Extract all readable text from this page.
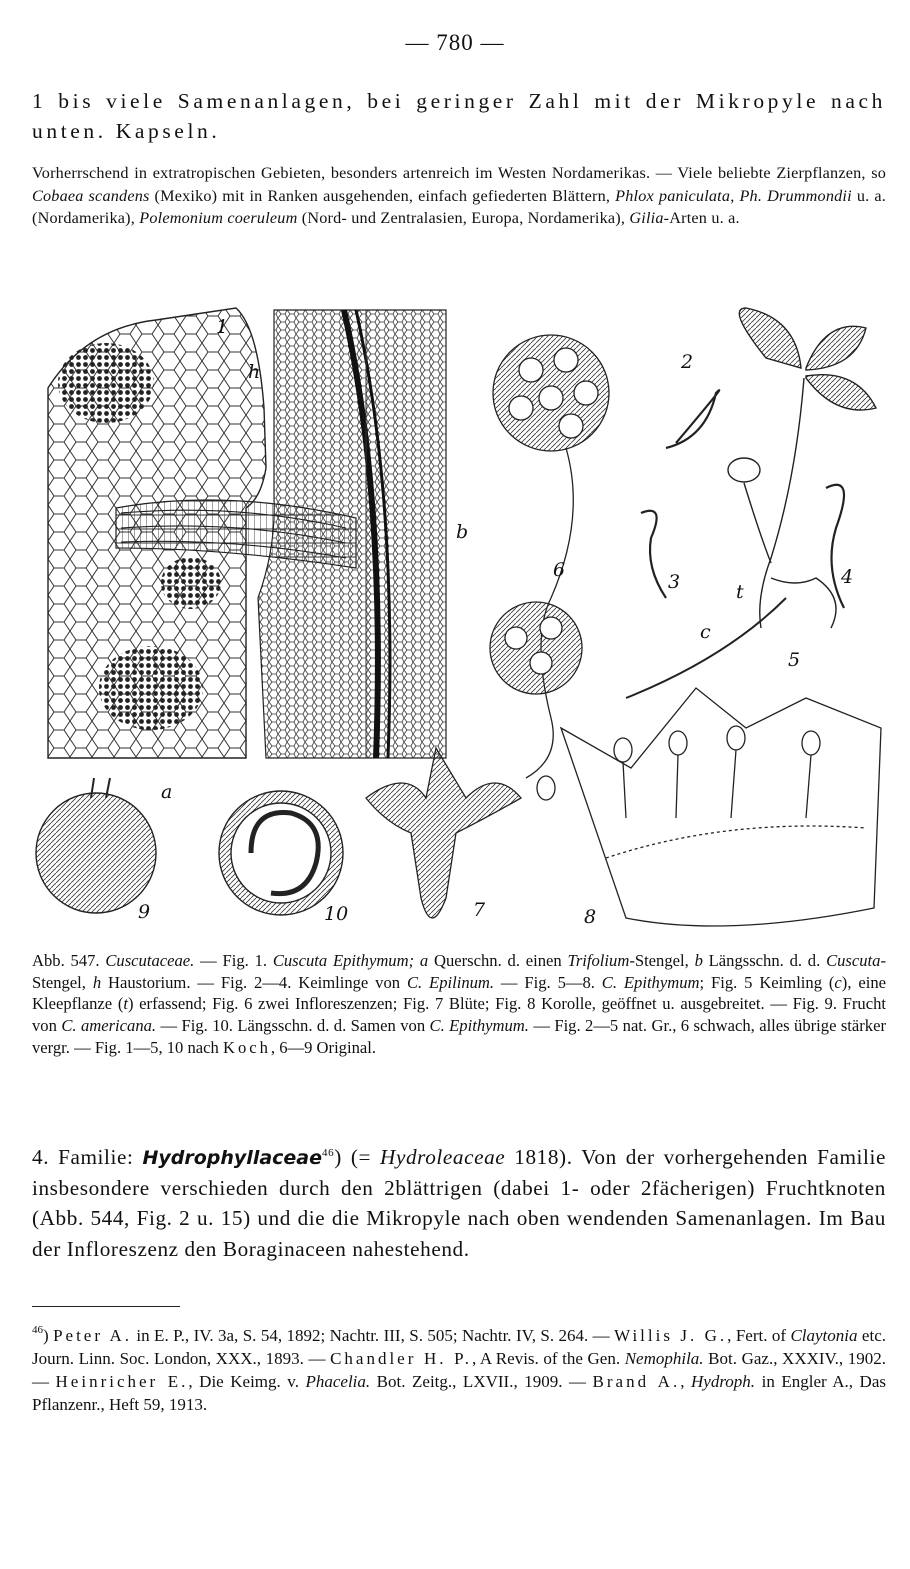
— 780 —
1 bis viele Samenanlagen, bei geringer Zahl mit der Mikropyle nach unten. Kapseln.
Vorherrschend in extratropischen Gebieten, besonders artenreich im Westen Nordamerikas. — Viele beliebte Zierpflanzen, so Cobaea scandens (Mexiko) mit in Ranken ausgehenden, einfach gefiederten Blättern, Phlox paniculata, Ph. Drummondii u. a. (Nordamerika), Polemonium coeruleum (Nord- und Zentralasien, Europa, Nordamerika), Gilia-Arten u. a.
1
h
b
a
2
3	4
5
6
t
c
7	8
9	10
Abb. 547. Cuscutaceae. — Fig. 1. Cuscuta Epithymum; a Querschn. d. einen Trifolium-Stengel, b Längsschn. d. d. Cuscuta-Stengel, h Haustorium. — Fig. 2—4. Keimlinge von C. Epilinum. — Fig. 5—8. C. Epithymum; Fig. 5 Keimling (c), eine Kleepflanze (t) erfassend; Fig. 6 zwei Infloreszenzen; Fig. 7 Blüte; Fig. 8 Korolle, geöffnet u. ausgebreitet. — Fig. 9. Frucht von C. americana. — Fig. 10. Längsschn. d. d. Samen von C. Epithymum. — Fig. 2—5 nat. Gr., 6 schwach, alles übrige stärker vergr. — Fig. 1—5, 10 nach Koch, 6—9 Original.
4. Familie: Hydrophyllaceae$^{46}$) (= Hydroleaceae 1818). Von der vorhergehenden Familie insbesondere verschieden durch den 2blättrigen (dabei 1- oder 2fächerigen) Fruchtknoten (Abb. 544, Fig. 2 u. 15) und die die Mikropyle nach oben wendenden Samenanlagen. Im Bau der Infloreszenz den Boraginaceen nahestehend.
$^{46}$) Peter A. in E. P., IV. 3a, S. 54, 1892; Nachtr. III, S. 505; Nachtr. IV, S. 264. — Willis J. G., Fert. of Claytonia etc. Journ. Linn. Soc. London, XXX., 1893. — Chandler H. P., A Revis. of the Gen. Nemophila. Bot. Gaz., XXXIV., 1902. — Heinricher E., Die Keimg. v. Phacelia. Bot. Zeitg., LXVII., 1909. — Brand A., Hydroph. in Engler A., Das Pflanzenr., Heft 59, 1913.
